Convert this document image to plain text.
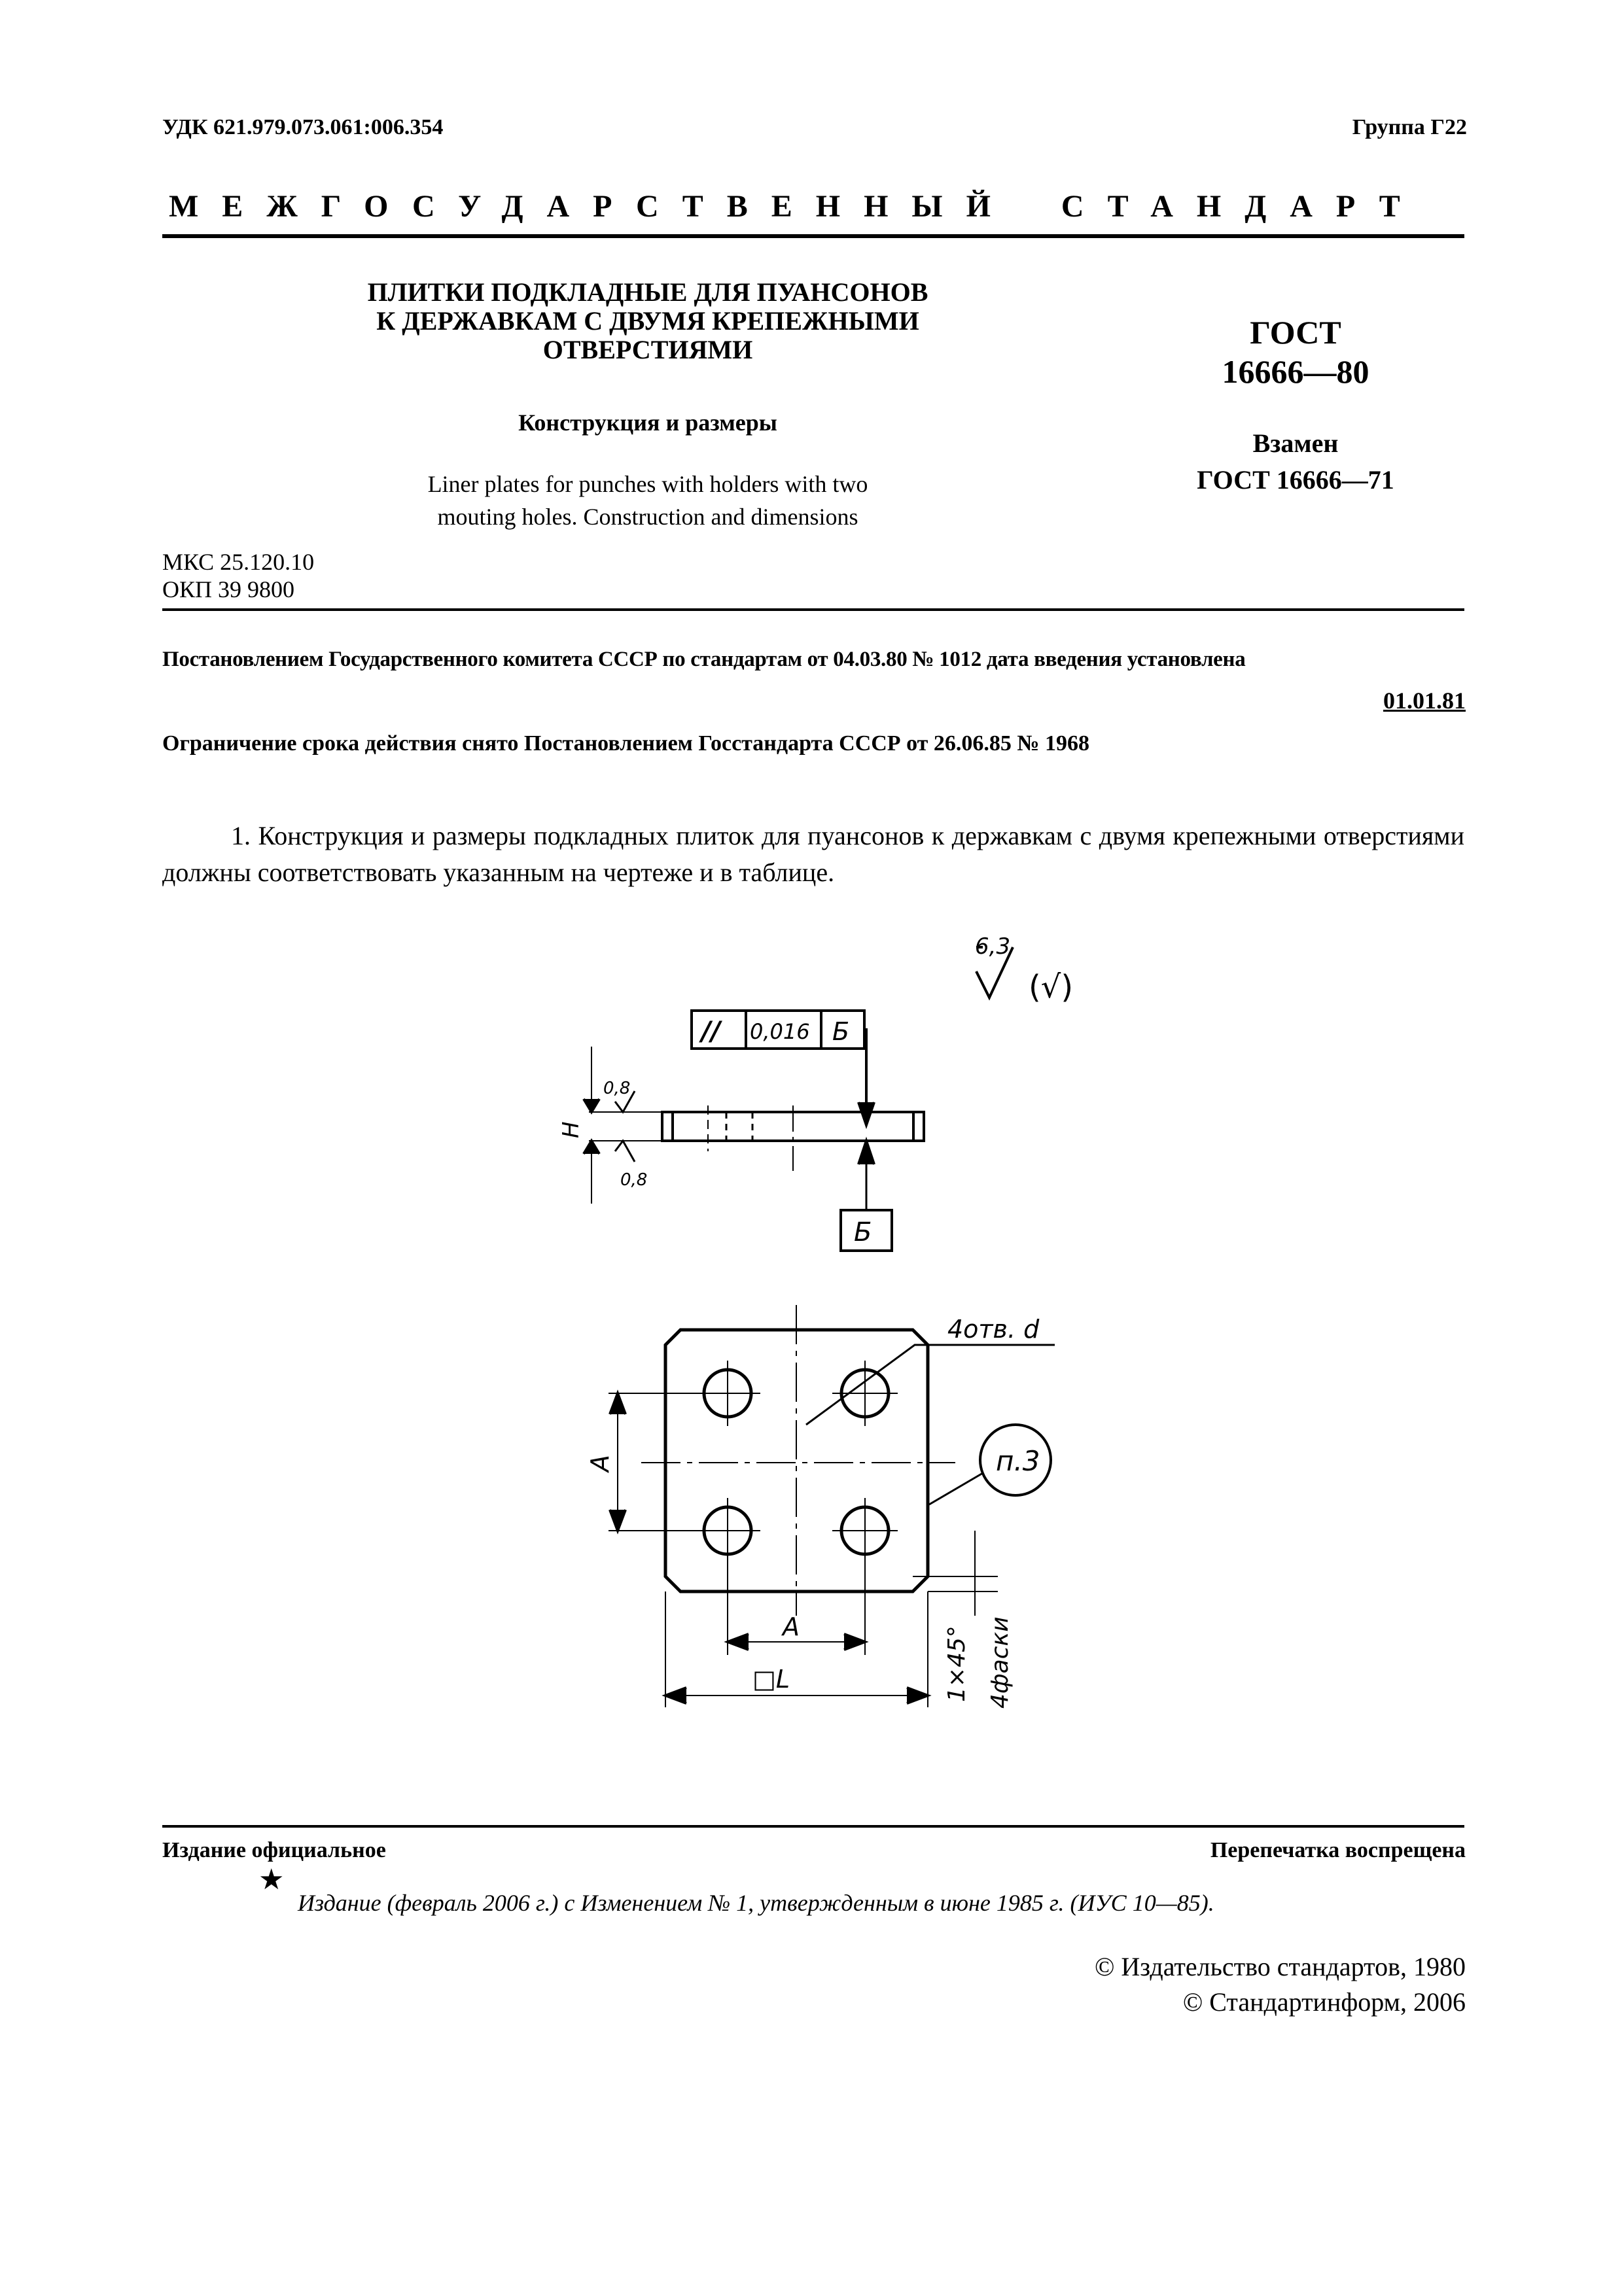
УДК 621.979.073.061:006.354	Группа Г22
МЕЖГОСУДАРСТВЕННЫЙ СТАНДАРТ
ПЛИТКИ ПОДКЛАДНЫЕ ДЛЯ ПУАНСОНОВ
К ДЕРЖАВКАМ С ДВУМЯ КРЕПЕЖНЫМИ
ОТВЕРСТИЯМИ
Конструкция и размеры
Liner plates for punches with holders with two
mouting holes. Construction and dimensions
ГОСТ
16666—80
Взамен
ГОСТ 16666—71
МКС 25.120.10
ОКП 39 9800
Постановлением Государственного комитета СССР по стандартам от 04.03.80 № 1012 дата введения установлена
01.01.81
Ограничение срока действия снято Постановлением Госстандарта СССР от 26.06.85 № 1968

1. Конструкция и размеры подкладных плиток для пуансонов к державкам с двумя крепежными отверстиями должны соответствовать указанным на чертеже и в таблице.

6,3
(√)
// 0,016 Б
Б
0,8
0,8
H
4отв. d
п.3
A
A
□L	1×45° 4фаски
Издание официальное	Перепечатка воспрещена
★
Издание (февраль 2006 г.) с Изменением № 1, утвержденным в июне 1985 г. (ИУС 10—85).
© Издательство стандартов, 1980
© Стандартинформ, 2006
